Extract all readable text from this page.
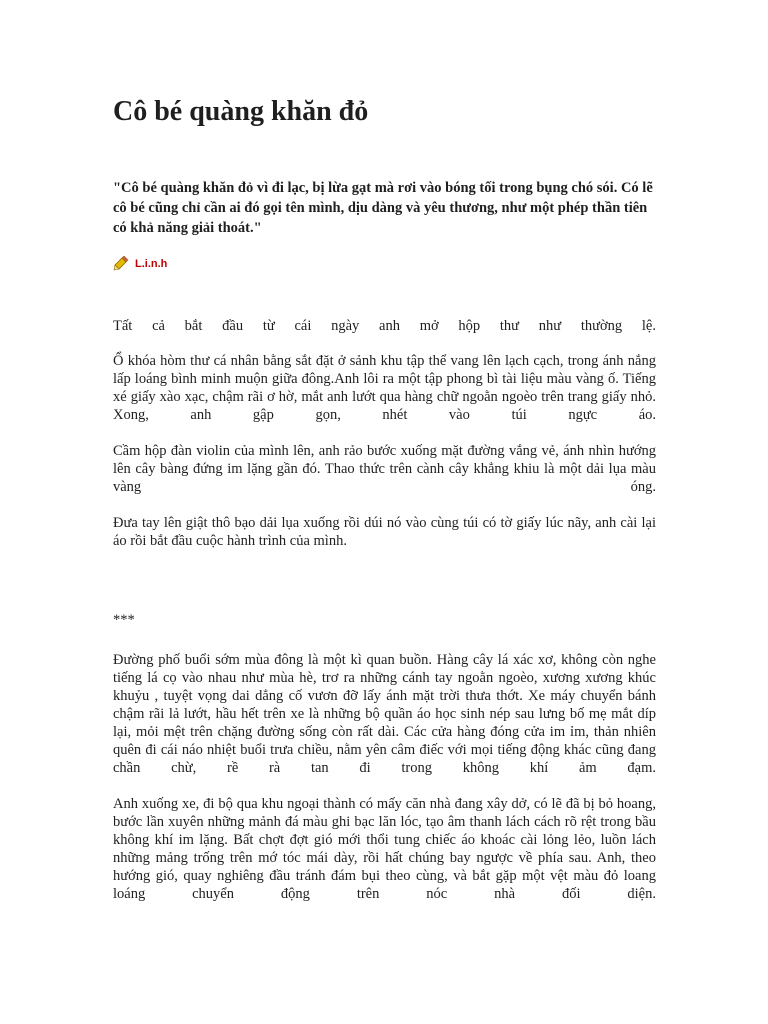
Cô bé quàng khăn đỏ

"Cô bé quàng khăn đỏ vì đi lạc, bị lừa gạt mà rơi vào bóng tối trong bụng chó sói. Có lẽ cô bé cũng chỉ cần ai đó gọi tên mình, dịu dàng và yêu thương, như một phép thần tiên có khả năng giải thoát."

L.i.n.h

Tất cả bắt đầu từ cái ngày anh mở hộp thư như thường lệ.

Ổ khóa hòm thư cá nhân bằng sắt đặt ở sảnh khu tập thể vang lên lạch cạch, trong ánh nắng lấp loáng bình minh muộn giữa đông.Anh lôi ra một tập phong bì tài liệu màu vàng ố. Tiếng xé giấy xào xạc, chậm rãi ơ hờ, mắt anh lướt qua hàng chữ ngoằn ngoèo trên trang giấy nhỏ. Xong, anh gập gọn, nhét vào túi ngực áo.

Cầm hộp đàn violin của mình lên, anh rảo bước xuống mặt đường vắng vẻ, ánh nhìn hướng lên cây bàng đứng im lặng gần đó. Thao thức trên cành cây khẳng khiu là một dải lụa màu vàng óng.

Đưa tay lên giật thô bạo dải lụa xuống rồi dúi nó vào cùng túi có tờ giấy lúc nãy, anh cài lại áo rồi bắt đầu cuộc hành trình của mình.

***

Đường phố buổi sớm mùa đông là một kì quan buồn. Hàng cây lá xác xơ, không còn nghe tiếng lá cọ vào nhau như mùa hè, trơ ra những cánh tay ngoằn ngoèo, xương xương khúc khuỷu , tuyệt vọng dai dẳng cố vươn đỡ lấy ánh mặt trời thưa thớt. Xe máy chuyển bánh chậm rãi lả lướt, hầu hết trên xe là những bộ quần áo học sinh nép sau lưng bố mẹ mắt díp lại, mỏi mệt trên chặng đường sống còn rất dài. Các cửa hàng đóng cửa im ỉm, thản nhiên quên đi cái náo nhiệt buổi trưa chiều, nằm yên câm điếc với mọi tiếng động khác cũng đang chần chừ, rề rà tan đi trong không khí ảm đạm.

Anh xuống xe, đi bộ qua khu ngoại thành có mấy căn nhà đang xây dở, có lẽ đã bị bỏ hoang, bước lần xuyên những mảnh đá màu ghi bạc lăn lóc, tạo âm thanh lách cách rõ rệt trong bầu không khí im lặng. Bất chợt đợt gió mới thổi tung chiếc áo khoác cài lỏng lẻo, luồn lách những mảng trống trên mớ tóc mái dày, rồi hất chúng bay ngược về phía sau. Anh, theo hướng gió, quay nghiêng đầu tránh đám bụi theo cùng, và bắt gặp một vệt màu đỏ loang loáng chuyển động trên nóc nhà đối diện.
